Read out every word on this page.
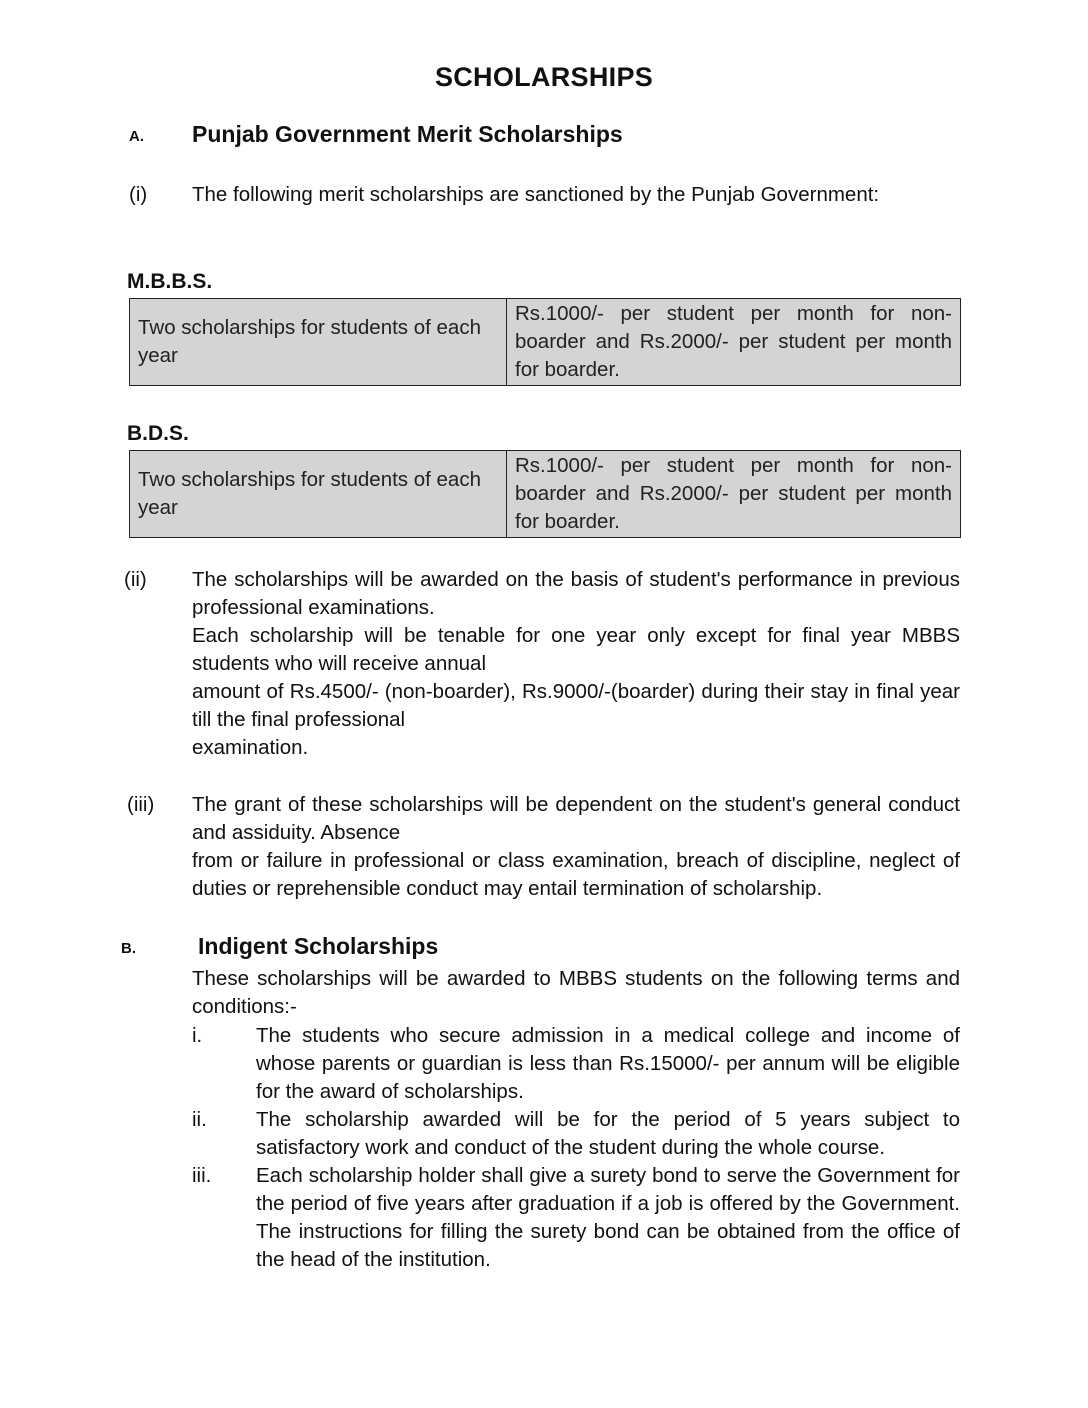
SCHOLARSHIPS
A. Punjab Government Merit Scholarships
(i) The following merit scholarships are sanctioned by the Punjab Government:
M.B.B.S.
Two scholarships for students of each year	Rs.1000/- per student per month for non-boarder and Rs.2000/- per student per month for boarder.
B.D.S.
Two scholarships for students of each year	Rs.1000/- per student per month for non-boarder and Rs.2000/- per student per month for boarder.
(ii) The scholarships will be awarded on the basis of student's performance in previous professional examinations.
Each scholarship will be tenable for one year only except for final year MBBS students who will receive annual
amount of Rs.4500/- (non-boarder), Rs.9000/-(boarder) during their stay in final year till the final professional
examination.
(iii) The grant of these scholarships will be dependent on the student's general conduct and assiduity. Absence
from or failure in professional or class examination, breach of discipline, neglect of duties or reprehensible conduct may entail termination of scholarship.
B.	Indigent Scholarships
These scholarships will be awarded to MBBS students on the following terms and conditions:-
i.	The students who secure admission in a medical college and income of whose parents or guardian is less than Rs.15000/- per annum will be eligible for the award of scholarships.
ii. The scholarship awarded will be for the period of 5 years subject to satisfactory work and conduct of the student during the whole course.
iii. Each scholarship holder shall give a surety bond to serve the Government for the period of five years after graduation if a job is offered by the Government. The instructions for filling the surety bond can be obtained from the office of the head of the institution.
